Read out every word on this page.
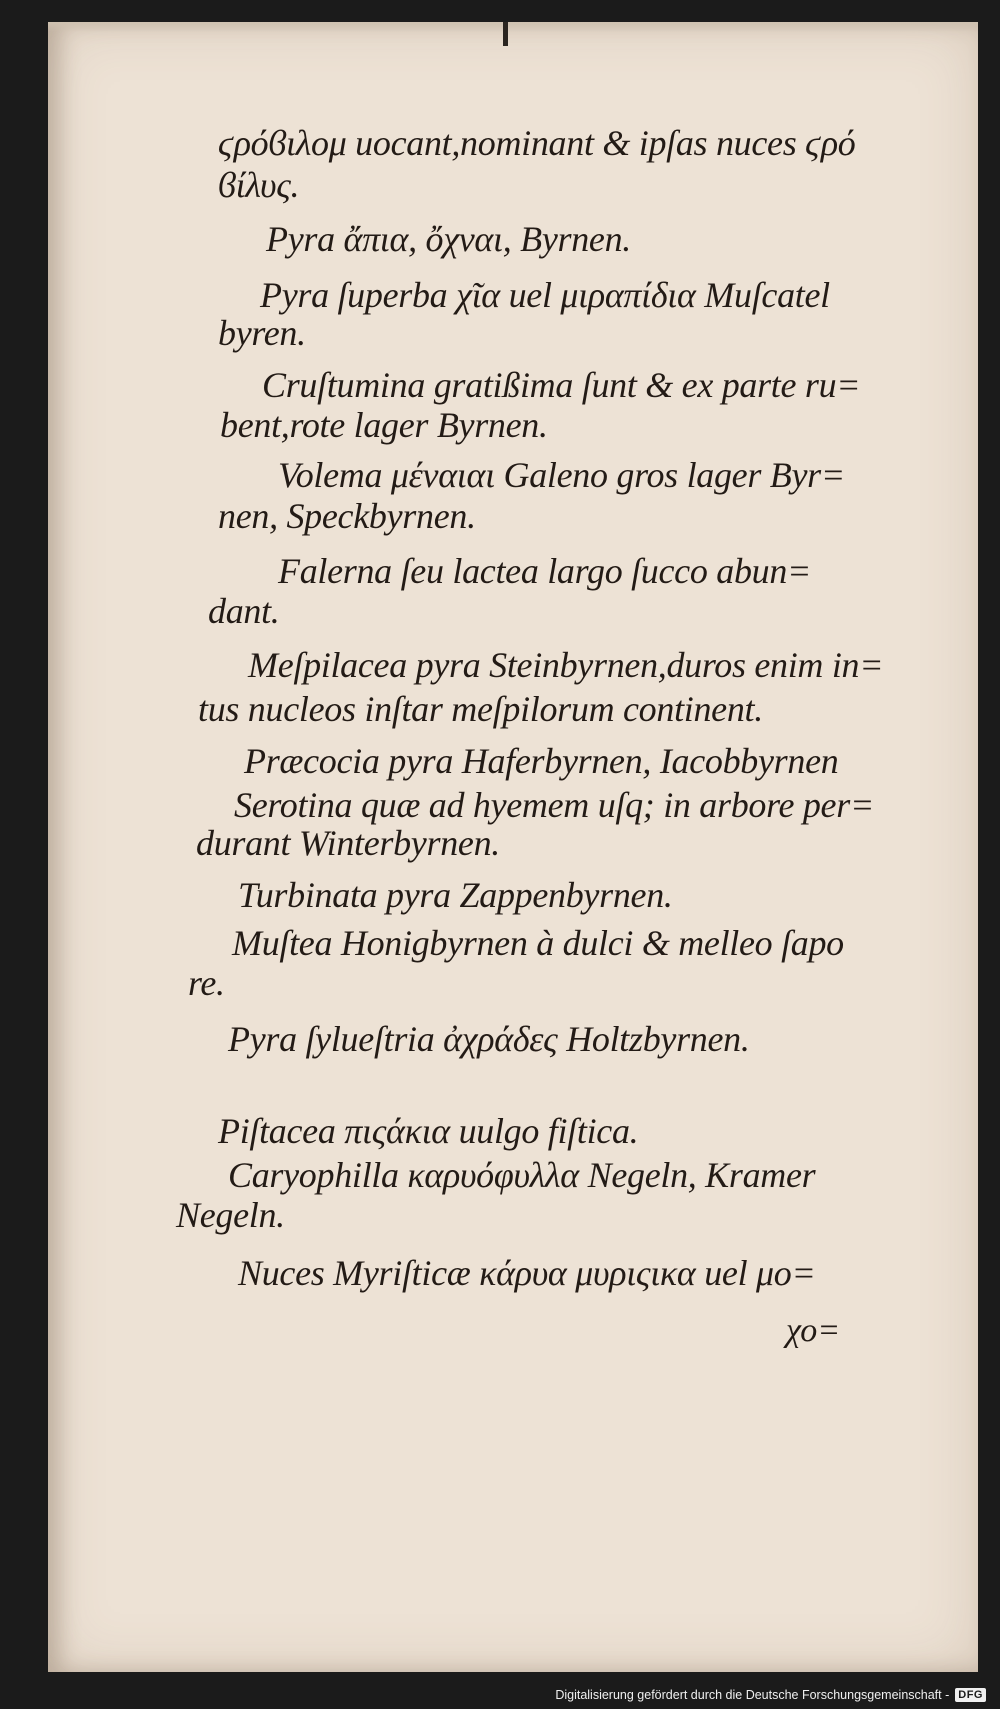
ϛρόϐιλομ uocant,nominant & ipſas nuces ϛρό
ϐίλυς.
Pyra ἄπια, ὄχναι, Byrnen.
Pyra ſuperba χῖα uel μιραπίδια Muſcatel
byren.
Cruſtumina gratißima ſunt & ex parte ru=
bent,rote lager Byrnen.
Volema μέναιαι Galeno gros lager Byr=
nen, Speckbyrnen.
Falerna ſeu lactea largo ſucco abun=
dant.
Meſpilacea pyra Steinbyrnen,duros enim in=
tus nucleos inſtar meſpilorum continent.
Præcocia pyra Haferbyrnen, Iacobbyrnen
Serotina quæ ad hyemem uſq; in arbore per=
durant Winterbyrnen.
Turbinata pyra Zappenbyrnen.
Muſtea Honigbyrnen à dulci & melleo ſapo
re.
Pyra ſylueſtria ἀχράδες Holtzbyrnen.
Piſtacea πιςάκια uulgo fiſtica.
Caryophilla καρυόφυλλα Negeln, Kramer
Negeln.
Nuces Myriſticæ κάρυα μυριςικα uel μο=
χο=
Digitalisierung gefördert durch die Deutsche Forschungsgemeinschaft - DFG
